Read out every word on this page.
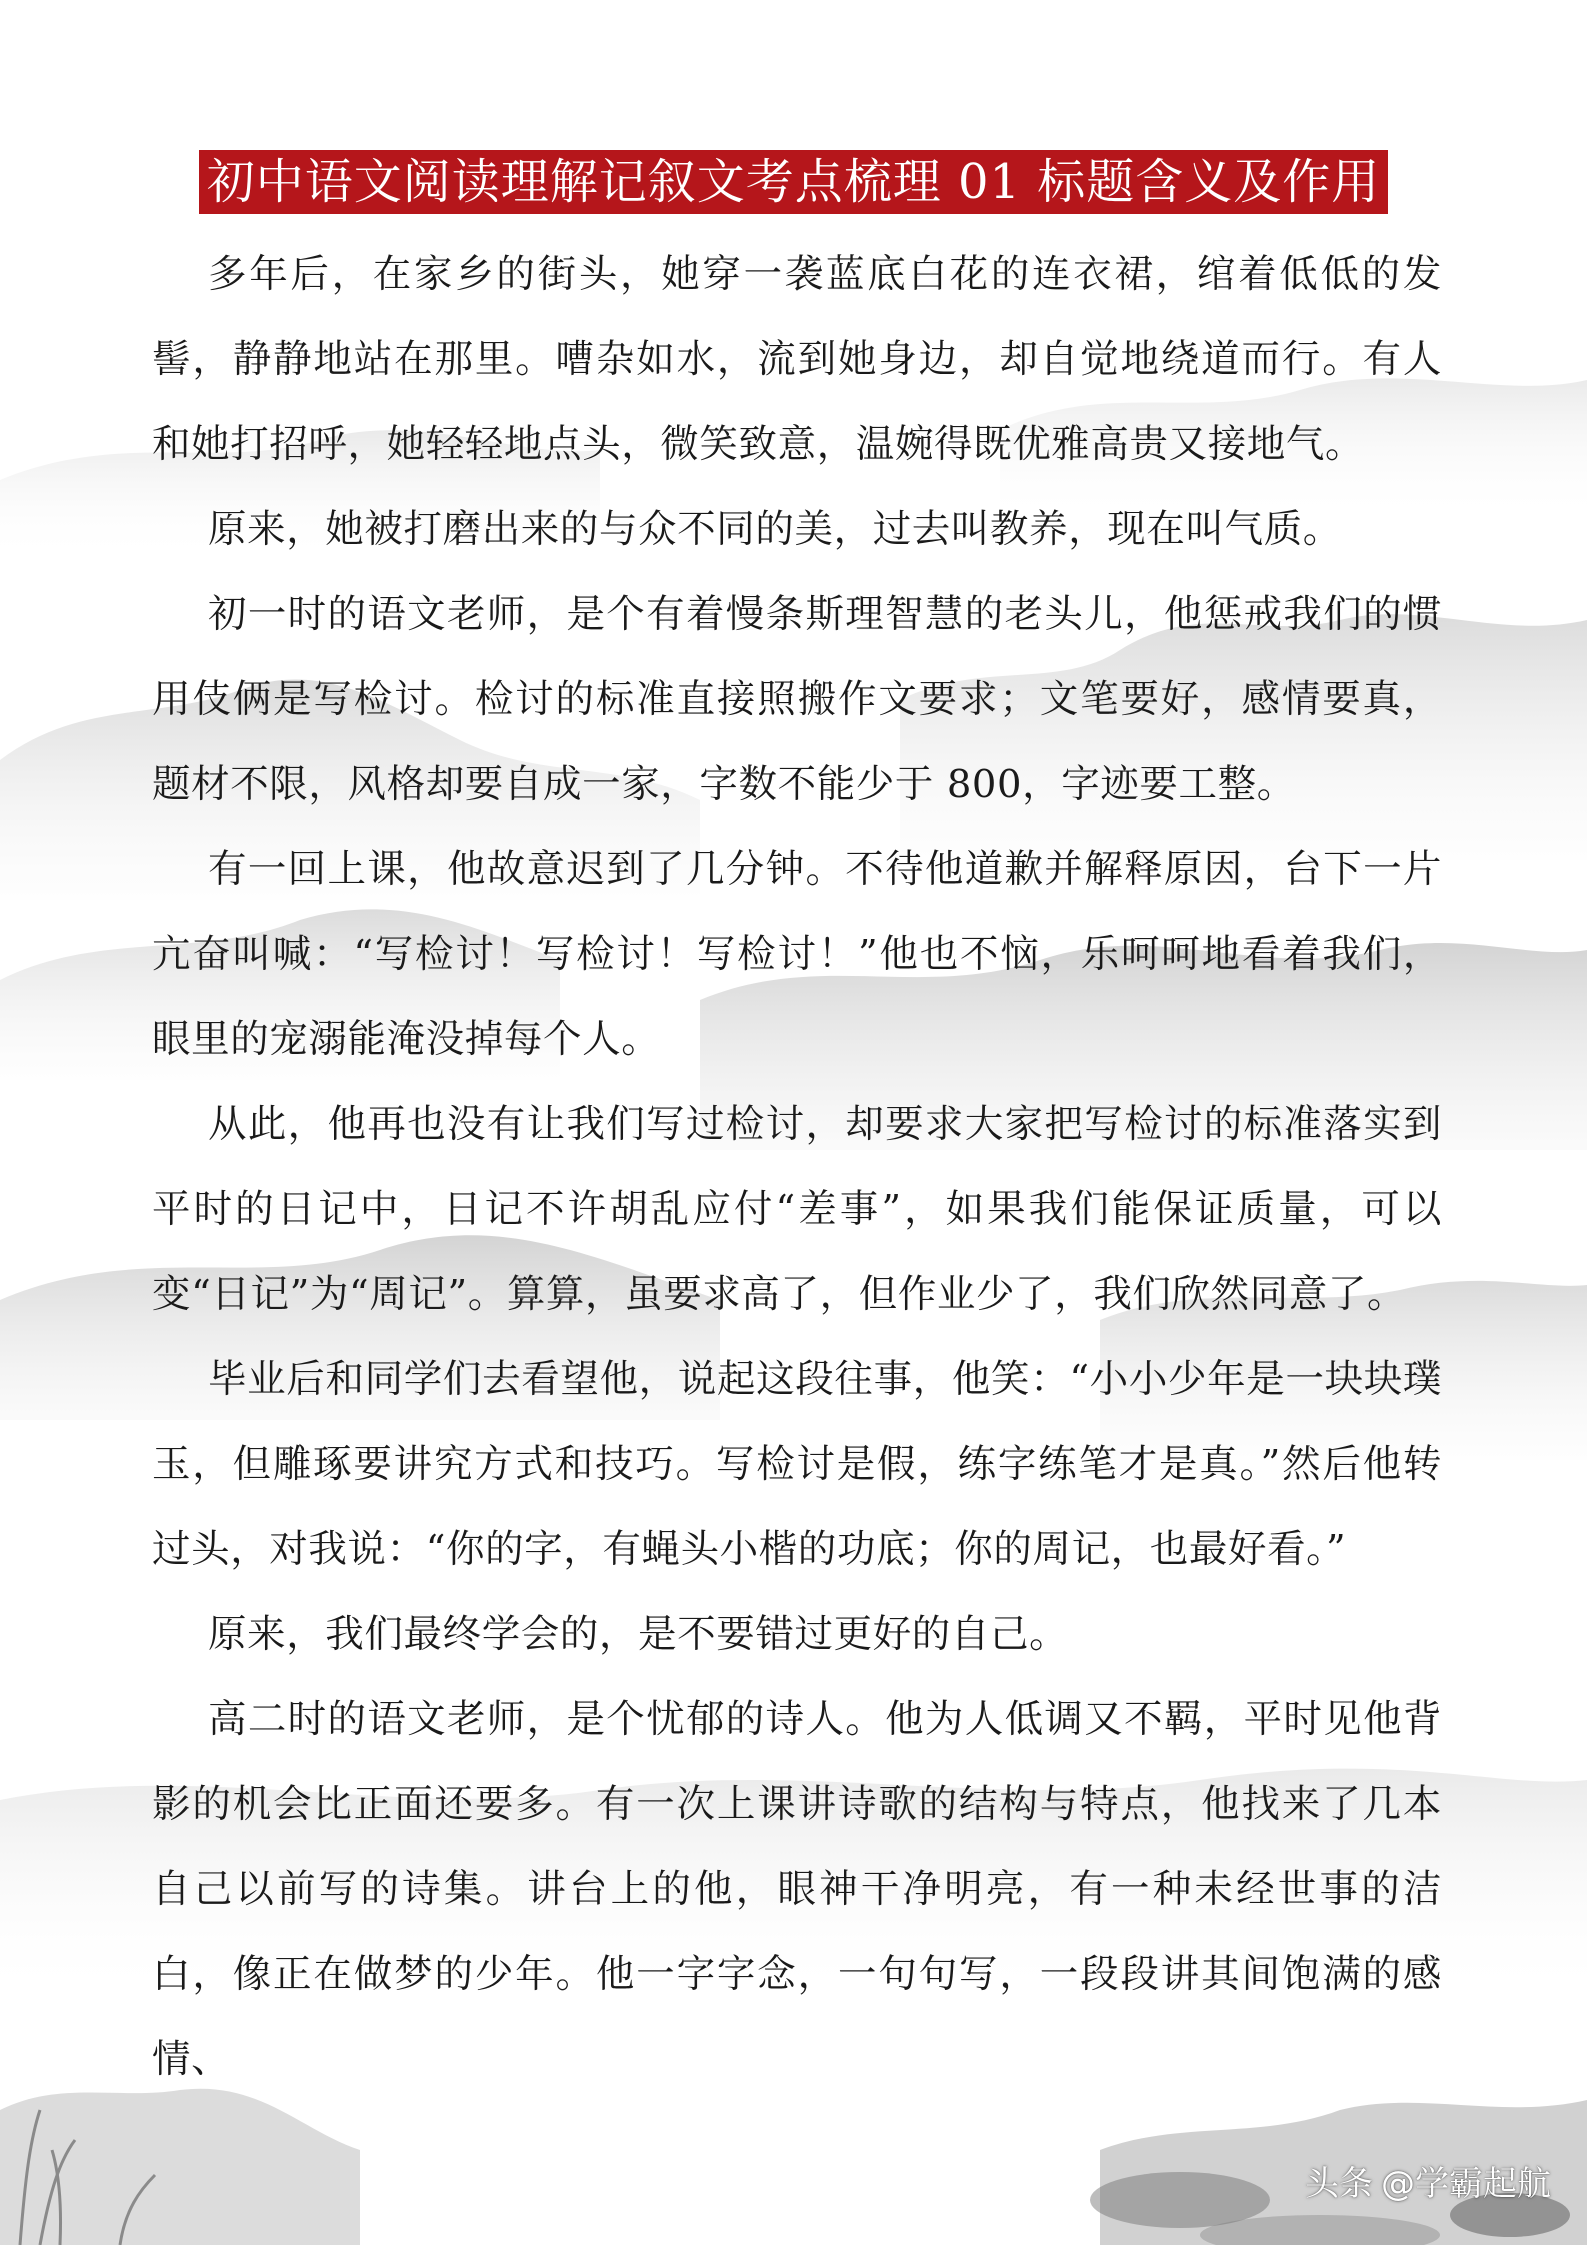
初中语文阅读理解记叙文考点梳理 01 标题含义及作用

多年后，在家乡的街头，她穿一袭蓝底白花的连衣裙，绾着低低的发髻，静静地站在那里。嘈杂如水，流到她身边，却自觉地绕道而行。有人和她打招呼，她轻轻地点头，微笑致意，温婉得既优雅高贵又接地气。

原来，她被打磨出来的与众不同的美，过去叫教养，现在叫气质。

初一时的语文老师，是个有着慢条斯理智慧的老头儿，他惩戒我们的惯用伎俩是写检讨。检讨的标准直接照搬作文要求；文笔要好，感情要真，题材不限，风格却要自成一家，字数不能少于 800，字迹要工整。

有一回上课，他故意迟到了几分钟。不待他道歉并解释原因，台下一片亢奋叫喊：“写检讨！写检讨！写检讨！”他也不恼，乐呵呵地看着我们，眼里的宠溺能淹没掉每个人。

从此，他再也没有让我们写过检讨，却要求大家把写检讨的标准落实到平时的日记中，日记不许胡乱应付“差事”，如果我们能保证质量，可以变“日记”为“周记”。算算，虽要求高了，但作业少了，我们欣然同意了。

毕业后和同学们去看望他，说起这段往事，他笑：“小小少年是一块块璞玉，但雕琢要讲究方式和技巧。写检讨是假，练字练笔才是真。”然后他转过头，对我说：“你的字，有蝇头小楷的功底；你的周记，也最好看。”

原来，我们最终学会的，是不要错过更好的自己。

高二时的语文老师，是个忧郁的诗人。他为人低调又不羁，平时见他背影的机会比正面还要多。有一次上课讲诗歌的结构与特点，他找来了几本自己以前写的诗集。讲台上的他，眼神干净明亮，有一种未经世事的洁白，像正在做梦的少年。他一字字念，一句句写，一段段讲其间饱满的感情、

头条 @学霸起航
